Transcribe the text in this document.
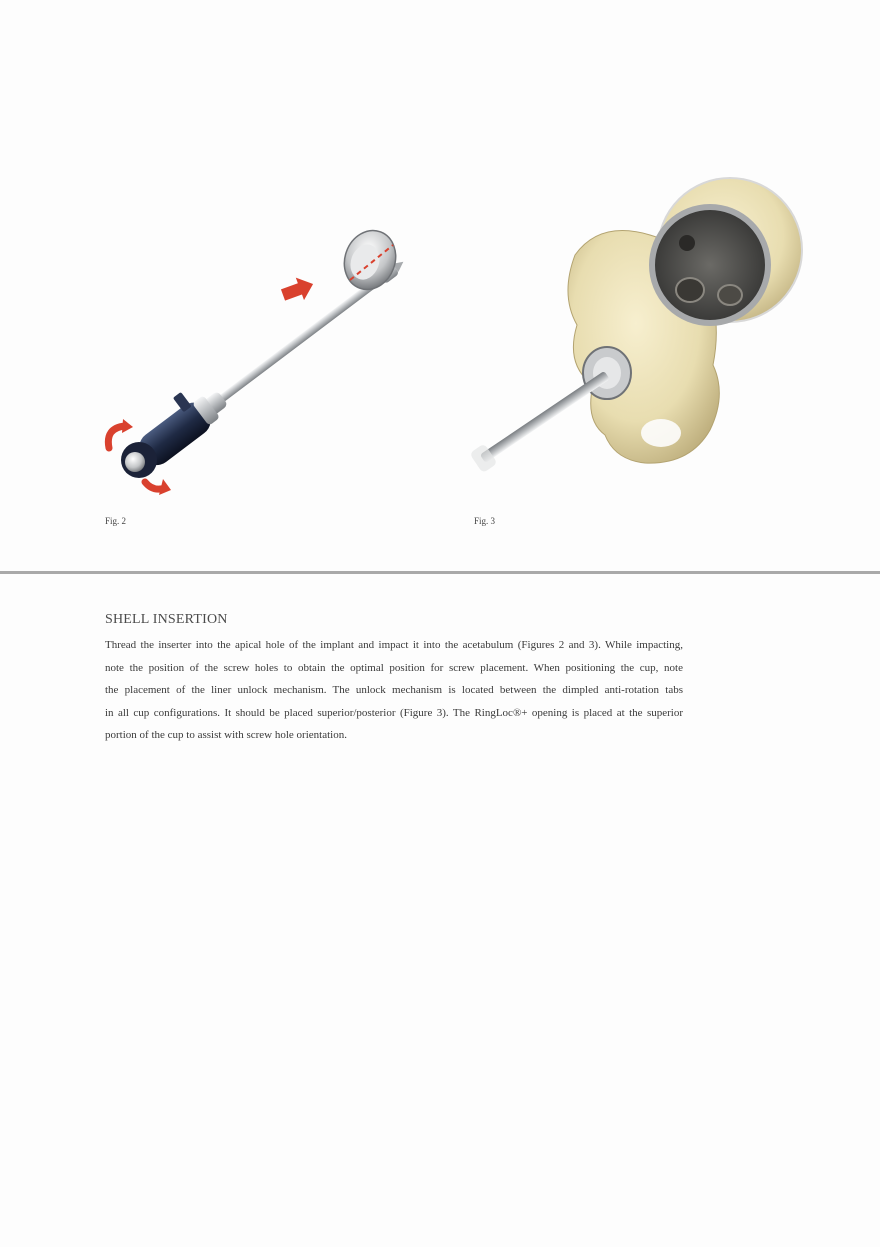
Fig. 2	Fig. 3
SHELL INSERTION
Thread the inserter into the apical hole of the implant and impact it into the acetabulum (Figures 2 and 3). While impacting,
note the position of the screw holes to obtain the optimal position for screw placement. When positioning the cup, note
the placement of the liner unlock mechanism. The unlock mechanism is located between the dimpled anti-rotation tabs
in all cup configurations. It should be placed superior/posterior (Figure 3). The RingLoc®+ opening is placed at the superior
portion of the cup to assist with screw hole orientation.
